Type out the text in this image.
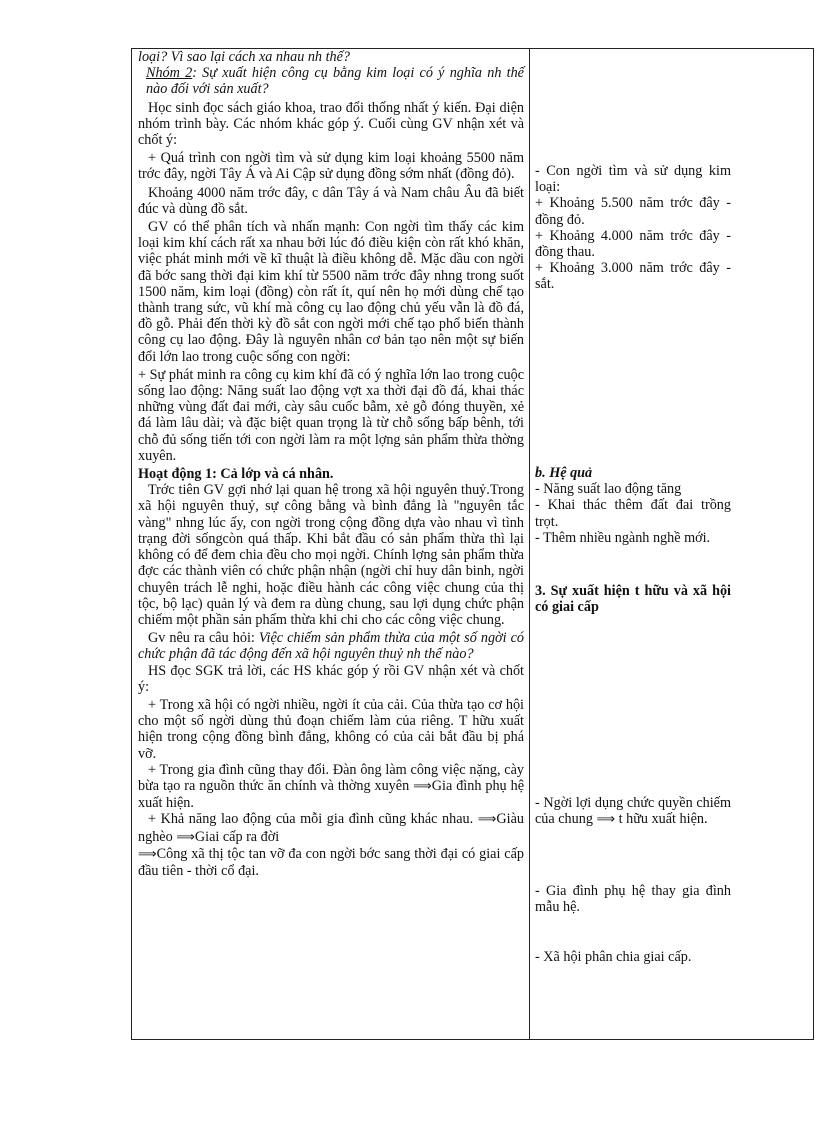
loại? Vì sao lại cách xa nhau nh thế?

Nhóm 2: Sự xuất hiện công cụ bằng kim loại có ý nghĩa nh thế nào đối với sản xuất?

Học sinh đọc sách giáo khoa, trao đổi thống nhất ý kiến. Đại diện nhóm trình bày. Các nhóm khác góp ý. Cuối cùng GV nhận xét và chốt ý:

+ Quá trình con ngời tìm và sử dụng kim loại khoảng 5500 năm trớc đây, ngời Tây Á và Ai Cập sử dụng đồng sớm nhất (đồng đỏ).

Khoảng 4000 năm trớc đây, c dân Tây á và Nam châu Âu đã biết đúc và dùng đồ sắt.

GV có thể phân tích và nhấn mạnh: Con ngời tìm thấy các kim loại kim khí cách rất xa nhau bởi lúc đó điều kiện còn rất khó khăn, việc phát minh mới về kĩ thuật là điều không dễ. Mặc dầu con ngời đã bớc sang thời đại kim khí từ 5500 năm trớc đây nhng trong suốt 1500 năm, kim loại (đồng) còn rất ít, quí nên họ mới dùng chế tạo thành trang sức, vũ khí mà công cụ lao động chủ yếu vẫn là đồ đá, đồ gỗ. Phải đến thời kỳ đồ sắt con ngời mới chế tạo phổ biến thành công cụ lao động. Đây là nguyên nhân cơ bản tạo nên một sự biến đổi lớn lao trong cuộc sống con ngời:

+ Sự phát minh ra công cụ kim khí đã có ý nghĩa lớn lao trong cuộc sống lao động: Năng suất lao động vợt xa thời đại đồ đá, khai thác những vùng đất đai mới, cày sâu cuốc bẫm, xẻ gỗ đóng thuyền, xẻ đá làm lâu dài; và đặc biệt quan trọng là từ chỗ sống bấp bênh, tới chỗ đủ sống tiến tới con ngời làm ra một lợng sản phẩm thừa thờng xuyên.

Hoạt động 1: Cả lớp và cá nhân.

Trớc tiên GV gợi nhớ lại quan hệ trong xã hội nguyên thuỷ.Trong xã hội nguyên thuỷ, sự công bằng và bình đẳng là "nguyên tắc vàng" nhng lúc ấy, con ngời trong cộng đồng dựa vào nhau vì tình trạng đời sốngcòn quá thấp. Khi bắt đầu có sản phẩm thừa thì lại không có để đem chia đều cho mọi ngời. Chính lợng sản phẩm thừa đợc các thành viên có chức phận nhận (ngời chỉ huy dân binh, ngời chuyên trách lễ nghi, hoặc điều hành các công việc chung của thị tộc, bộ lạc) quản lý và đem ra dùng chung, sau lợi dụng chức phận chiếm một phần sản phẩm thừa khi chi cho các công việc chung.

Gv nêu ra câu hỏi: Việc chiếm sản phẩm thừa của một số ngời có chức phận đã tác động đến xã hội nguyên thuỷ nh thế nào?

HS đọc SGK trả lời, các HS khác góp ý rồi GV nhận xét và chốt ý:

+ Trong xã hội có ngời nhiều, ngời ít của cải. Của thừa tạo cơ hội cho một số ngời dùng thủ đoạn chiếm làm của riêng. T hữu xuất hiện trong cộng đồng bình đẳng, không có của cải bắt đầu bị phá vỡ.

+ Trong gia đình cũng thay đổi. Đàn ông làm công việc nặng, cày bừa tạo ra nguồn thức ăn chính và thờng xuyên ⟹Gia đình phụ hệ xuất hiện.

+ Khả năng lao động của mỗi gia đình cũng khác nhau. ⟹Giàu nghèo ⟹Giai cấp ra đời

⟹Công xã thị tộc tan vỡ đa con ngời bớc sang thời đại có giai cấp đầu tiên - thời cổ đại.

- Con ngời tìm và sử dụng kim loại:

+ Khoảng 5.500 năm trớc đây - đồng đỏ.

+ Khoảng 4.000 năm trớc đây - đồng thau.

+ Khoảng 3.000 năm trớc đây - sắt.

b. Hệ quả

- Năng suất lao động tăng

- Khai thác thêm đất đai trồng trọt.

- Thêm nhiều ngành nghề mới.

3. Sự xuất hiện t hữu và xã hội có giai cấp

- Ngời lợi dụng chức quyền chiếm của chung ⟹ t hữu xuất hiện.

- Gia đình phụ hệ thay gia đình mẫu hệ.

- Xã hội phân chia giai cấp.
